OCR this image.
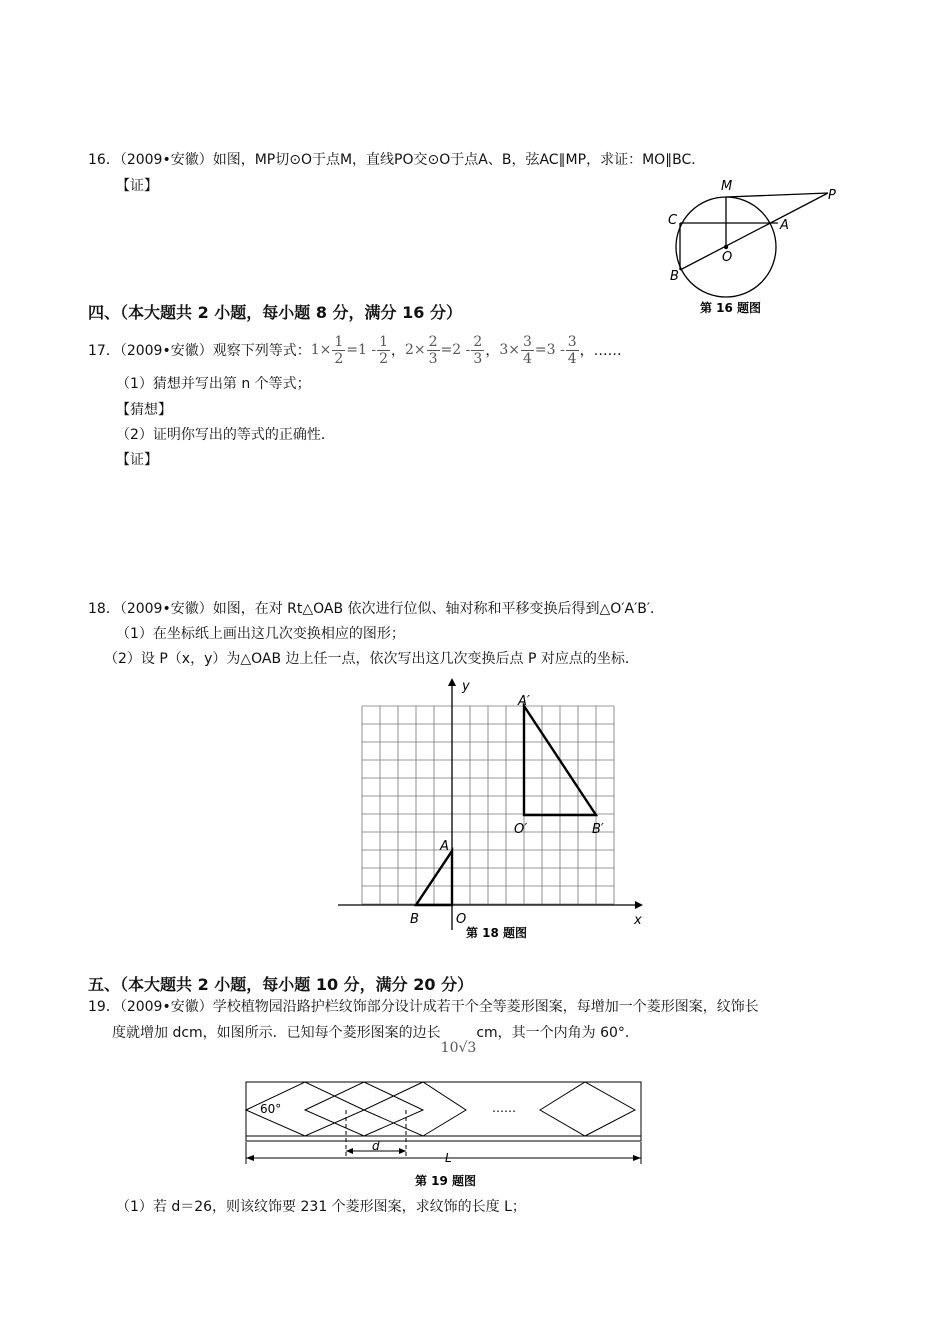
16．（2009•安徽）如图，MP切⊙O于点M，直线PO交⊙O于点A、B，弦AC∥MP，求证：MO∥BC．
【证】	M
P
C	A
O
B
第 16 题图
四、（本大题共 2 小题，每小题 8 分，满分 16 分）
17．（2009•安徽）观察下列等式： $1\times \frac{1}{2} =1 - \frac{1}{2}$ ， $2\times \frac{2}{3} =2 - \frac{2}{3}$ ， $3\times \frac{3}{4} =3 - \frac{3}{4}$ ，……
（1）猜想并写出第 n 个等式；
【猜想】
（2）证明你写出的等式的正确性．
【证】
18．（2009•安徽）如图，在对 Rt△OAB 依次进行位似、轴对称和平移变换后得到△O′A′B′．
（1）在坐标纸上画出这几次变换相应的图形；
（2）设 P（x，y）为△OAB 边上任一点，依次写出这几次变换后点 P 对应点的坐标．
y
x
O
B
A
A′
O′	B′
第 18 题图
五、（本大题共 2 小题，每小题 10 分，满分 20 分）
19．（2009•安徽）学校植物园沿路护栏纹饰部分设计成若干个全等菱形图案，每增加一个菱形图案，纹饰长
度就增加 dcm，如图所示．已知每个菱形图案的边长
10√3
cm，其一个内角为 60°．
60°	……
d
L
第 19 题图
（1）若 d＝26，则该纹饰要 231 个菱形图案，求纹饰的长度 L；
